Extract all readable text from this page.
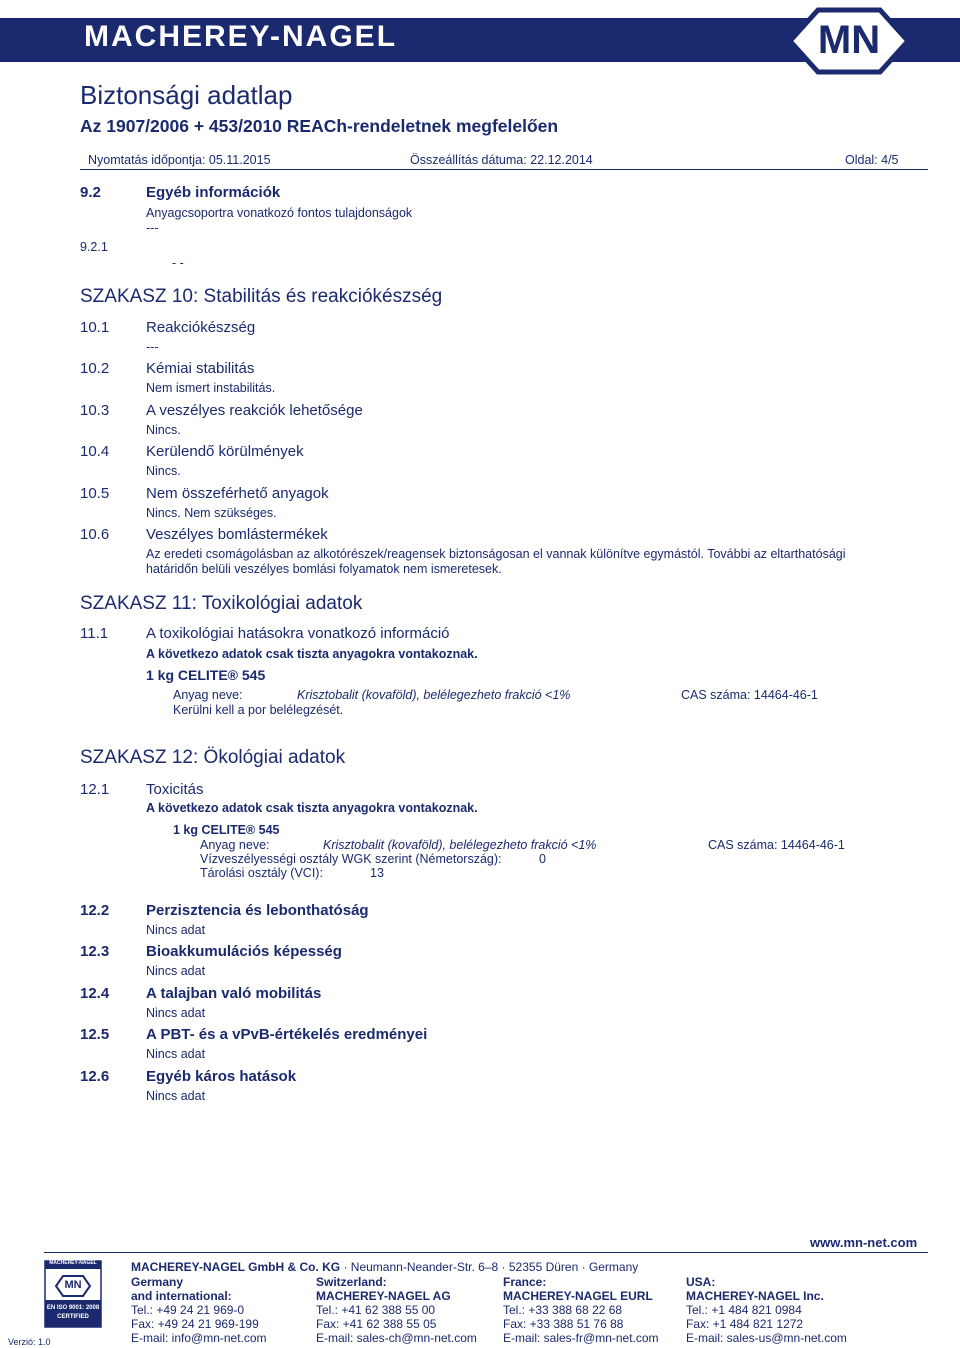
MACHEREY-NAGEL	MN
Biztonsági adatlap
Az 1907/2006 + 453/2010 REACh-rendeletnek megfelelően
Nyomtatás időpontja: 05.11.2015	Összeállítás dátuma: 22.12.2014	Oldal: 4/5
9.2	Egyéb információk
Anyagcsoportra vonatkozó fontos tulajdonságok
---
9.2.1
- -
SZAKASZ 10: Stabilitás és reakciókészség
10.1 Reakciókészség
---
10.2 Kémiai stabilitás
Nem ismert instabilitás.
10.3 A veszélyes reakciók lehetősége
Nincs.
10.4 Kerülendő körülmények
Nincs.
10.5 Nem összeférhető anyagok
Nincs. Nem szükséges.
10.6 Veszélyes bomlástermékek
Az eredeti csomágolásban az alkotórészek/reagensek biztonságosan el vannak különítve egymástól. További az eltarthatósági
határidőn belüli veszélyes bomlási folyamatok nem ismeretesek.
SZAKASZ 11: Toxikológiai adatok
11.1	A toxikológiai hatásokra vonatkozó információ
A következo adatok csak tiszta anyagokra vontakoznak.
1 kg CELITE® 545
Anyag neve:	Krisztobalit (kovaföld), belélegezheto frakció <1%	CAS száma: 14464-46-1
Kerülni kell a por belélegzését.
SZAKASZ 12: Ökológiai adatok
12.1 Toxicitás
A következo adatok csak tiszta anyagokra vontakoznak.
1 kg CELITE® 545
Anyag neve:	Krisztobalit (kovaföld), belélegezheto frakció <1%	CAS száma: 14464-46-1
Vízveszélyességi osztály WGK szerint (Németország):	0
Tárolási osztály (VCI):	13
12.2 Perzisztencia és lebonthatóság
Nincs adat
12.3 Bioakkumulációs képesség
Nincs adat
12.4 A talajban való mobilitás
Nincs adat
12.5 A PBT- és a vPvB-értékelés eredményei
Nincs adat
12.6 Egyéb káros hatások
Nincs adat
www.mn-net.com
MACHEREY-NAGEL
MN
EN ISO 9001: 2008
CERTIFIED
Verzió: 1.0
MACHEREY-NAGEL GmbH & Co. KG · Neumann-Neander-Str. 6–8 · 52355 Düren · Germany
Germany
and international:
Tel.: +49 24 21 969-0
Fax: +49 24 21 969-199
E-mail: info@mn-net.com
Switzerland:
MACHEREY-NAGEL AG
Tel.: +41 62 388 55 00
Fax: +41 62 388 55 05
E-mail: sales-ch@mn-net.com
France:
MACHEREY-NAGEL EURL
Tel.: +33 388 68 22 68
Fax: +33 388 51 76 88
E-mail: sales-fr@mn-net.com
USA:
MACHEREY-NAGEL Inc.
Tel.: +1 484 821 0984
Fax: +1 484 821 1272
E-mail: sales-us@mn-net.com
